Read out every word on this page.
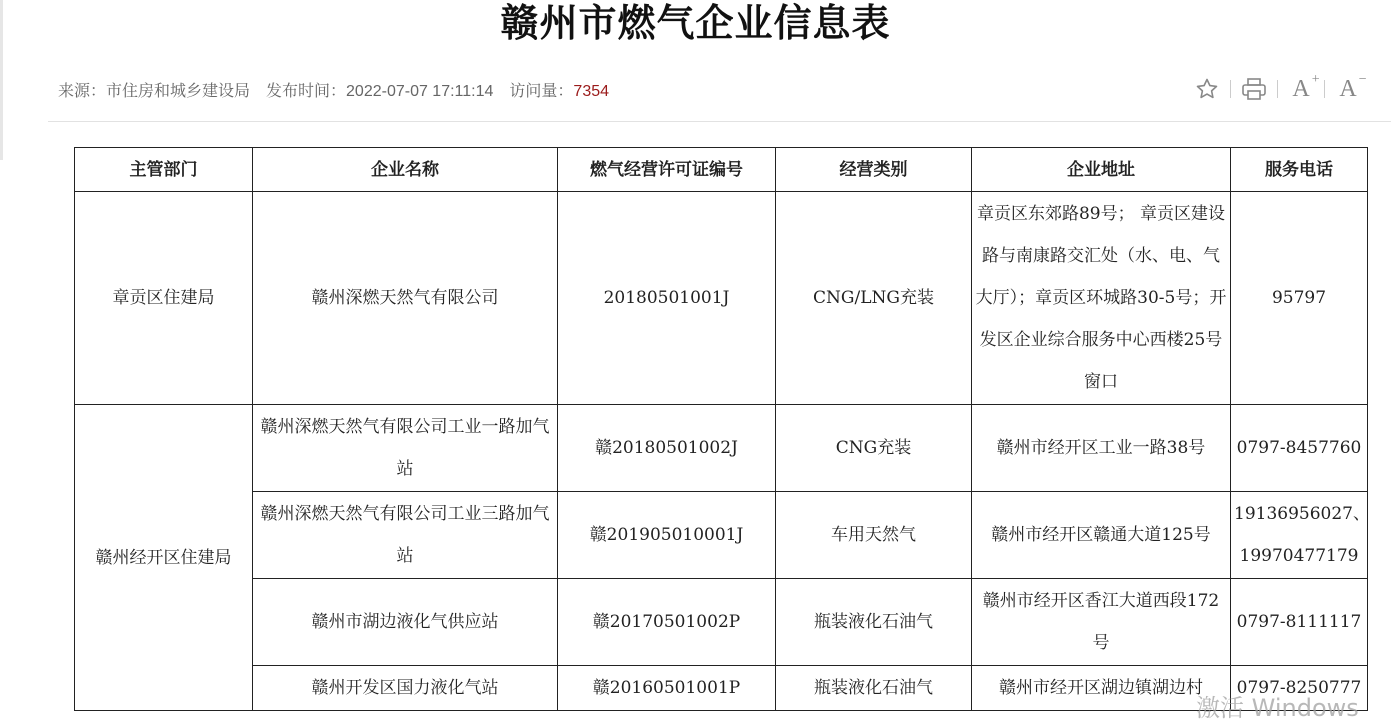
赣州市燃气企业信息表
来源：市住房和城乡建设局 发布时间：2022-07-07 17:11:14 访问量：7354	A + A −
主管部门	企业名称	燃气经营许可证编号	经营类别	企业地址	服务电话
章贡区住建局	赣州深燃天然气有限公司	20180501001J	CNG/LNG充装	章贡区东郊路89号； 章贡区建设路与南康路交汇处（水、电、气大厅）；章贡区环城路30-5号；开发区企业综合服务中心西楼25号窗口	95797
赣州经开区住建局	赣州深燃天然气有限公司工业一路加气站	赣20180501002J	CNG充装	赣州市经开区工业一路38号	0797-8457760
	赣州深燃天然气有限公司工业三路加气站	赣201905010001J	车用天然气	赣州市经开区赣通大道125号	19136956027、19970477179
	赣州市湖边液化气供应站	赣20170501002P	瓶装液化石油气	赣州市经开区香江大道西段172号	0797-8111117
	赣州开发区国力液化气站	赣20160501001P	瓶装液化石油气	赣州市经开区湖边镇湖边村	0797-8250777
激活 Windows
